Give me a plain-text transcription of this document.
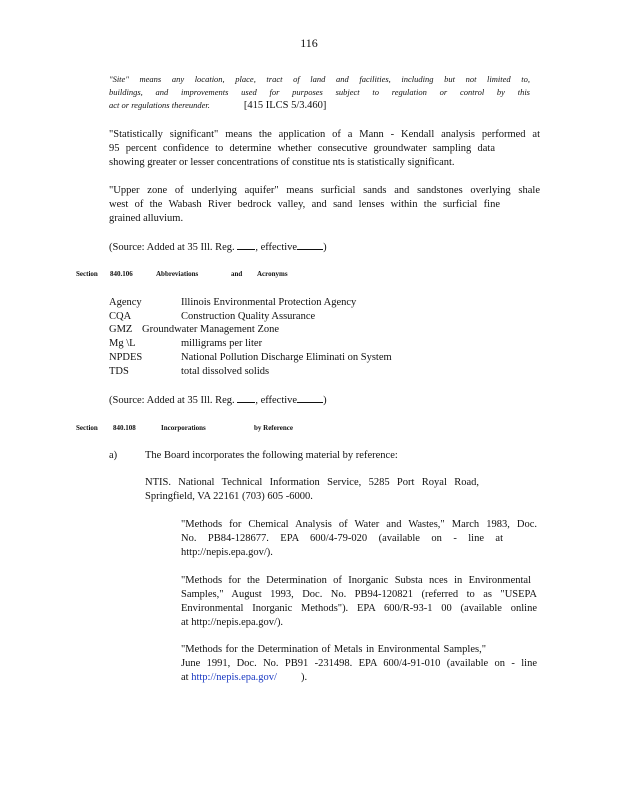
116
"Site" means any location, place, tract of land and facilities, including but not limited to,
buildings, and improvements used for purposes subject to regulation or control by this
act or regulations thereunder.	[415 ILCS 5/3.460]
"Statistically significant" means the application of a Mann - Kendall analysis performed at
95 percent confidence to determine whether consecutive groundwater sampling data
showing greater or lesser concentrations of constitue nts is statistically significant.
"Upper zone of underlying aquifer" means surficial sands and sandstones overlying shale
west of the Wabash River bedrock valley, and sand lenses within the surficial fine
grained alluvium.
(Source: Added at 35 Ill. Reg. , effective )
Section 840.106	Abbreviations	and Acronyms
Agency	Illinois Environmental Protection Agency
CQA	Construction Quality Assurance
GMZ Groundwater Management Zone
Mg \L	milligrams per liter
NPDES	National Pollution Discharge Eliminati on System
TDS	total dissolved solids
(Source: Added at 35 Ill. Reg. , effective )
Section 840.108	Incorporations	by Reference
a)	The Board incorporates the following material by reference:
NTIS. National Technical Information Service, 5285 Port Royal Road,
Springfield, VA 22161 (703) 605 -6000.
"Methods for Chemical Analysis of Water and Wastes," March 1983, Doc.
No. PB84-128677. EPA 600/4-79-020 (available on - line at
http://nepis.epa.gov/).
"Methods for the Determination of Inorganic Substa nces in Environmental
Samples," August 1993, Doc. No. PB94-120821 (referred to as "USEPA
Environmental Inorganic Methods"). EPA 600/R-93-1 00 (available online
at http://nepis.epa.gov/).
"Methods for the Determination of Metals in Environmental Samples,"
June 1991, Doc. No. PB91 -231498. EPA 600/4-91-010 (available on - line
at http://nepis.epa.gov/ ).
